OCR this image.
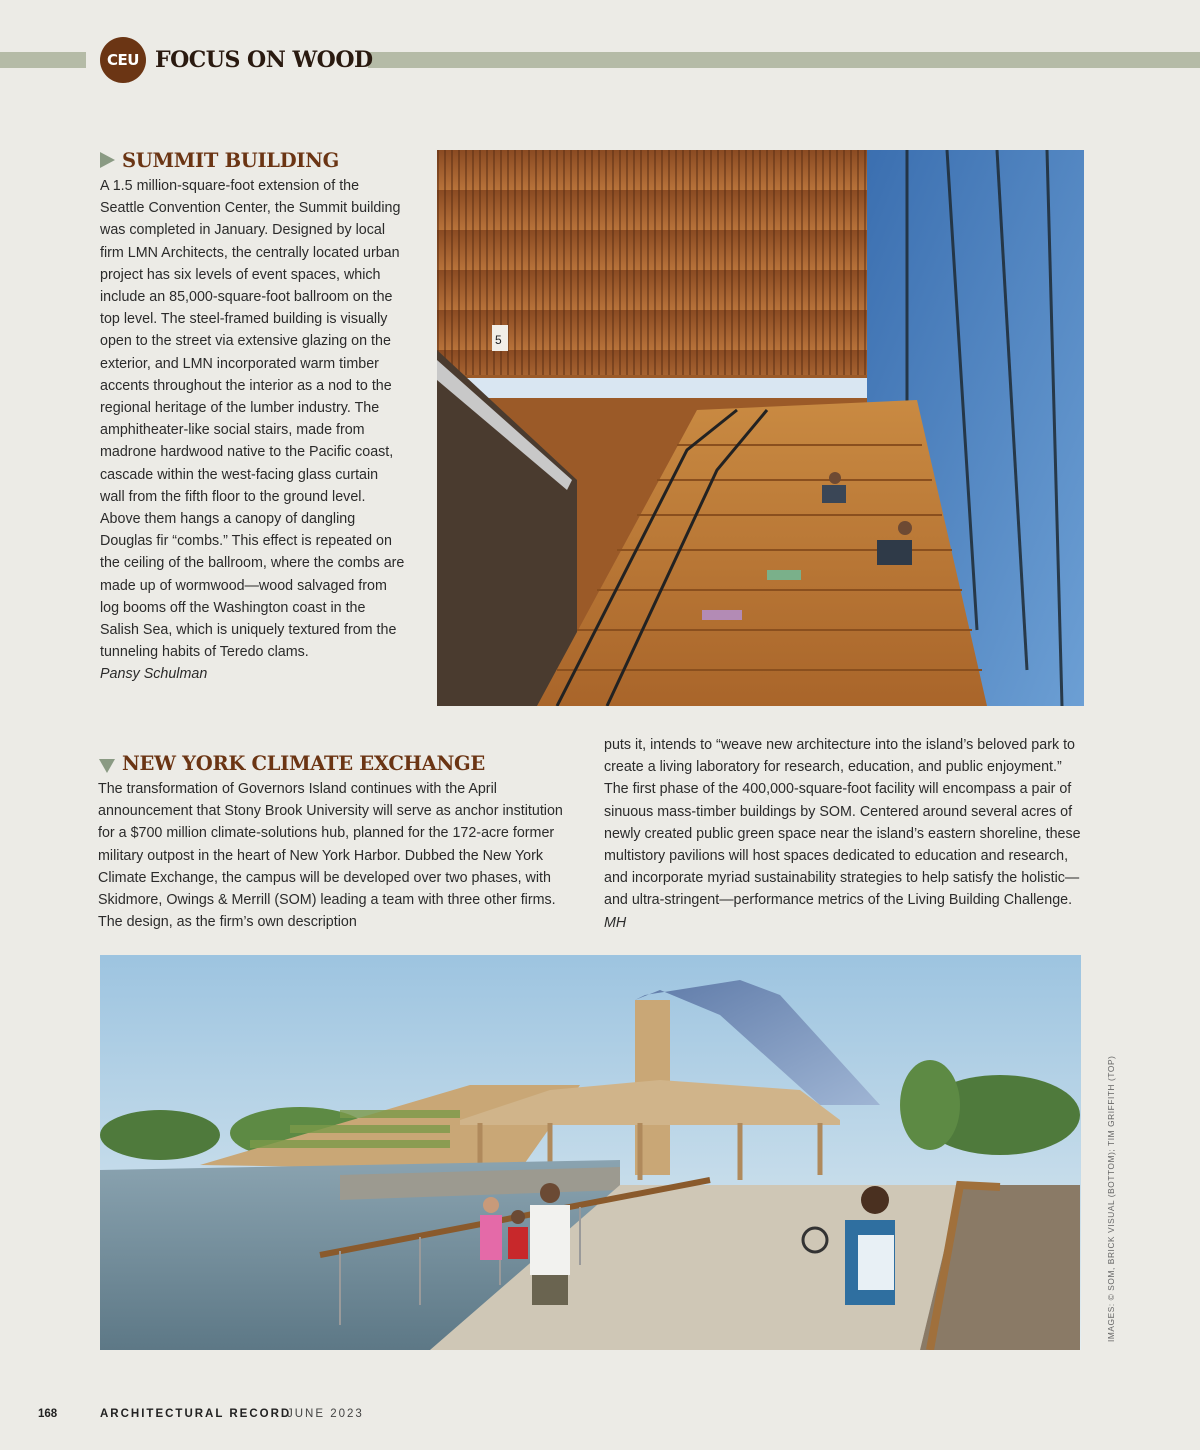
CEU FOCUS ON WOOD
SUMMIT BUILDING

A 1.5 million-square-foot extension of the Seattle Convention Center, the Summit building was completed in January. Designed by local firm LMN Architects, the centrally located urban project has six levels of event spaces, which include an 85,000-square-foot ballroom on the top level. The steel-framed building is visually open to the street via extensive glazing on the exterior, and LMN incorporated warm timber accents throughout the interior as a nod to the regional heritage of the lumber industry. The amphitheater-like social stairs, made from madrone hardwood native to the Pacific coast, cascade within the west-facing glass curtain wall from the fifth floor to the ground level. Above them hangs a canopy of dangling Douglas fir “combs.” This effect is repeated on the ceiling of the ballroom, where the combs are made up of wormwood—wood salvaged from log booms off the Washington coast in the Salish Sea, which is uniquely textured from the tunneling habits of Teredo clams.

Pansy Schulman

5
NEW YORK CLIMATE EXCHANGE

The transformation of Governors Island continues with the April announcement that Stony Brook University will serve as anchor institution for a $700 million climate-solutions hub, planned for the 172-acre former military outpost in the heart of New York Harbor. Dubbed the New York Climate Exchange, the campus will be developed over two phases, with Skidmore, Owings & Merrill (SOM) leading a team with three other firms. The design, as the firm’s own description

puts it, intends to “weave new architecture into the island’s beloved park to create a living laboratory for research, education, and public enjoyment.” The first phase of the 400,000-square-foot facility will encompass a pair of sinuous mass-timber buildings by SOM. Centered around several acres of newly created public green space near the island’s eastern shoreline, these multistory pavilions will host spaces dedicated to education and research, and incorporate myriad sustainability strategies to help satisfy the holistic—and ultra-stringent—performance metrics of the Living Building Challenge.  MH

IMAGES: © SOM, BRICK VISUAL (BOTTOM); TIM GRIFFITH (TOP)
168	ARCHITECTURAL RECORD
JUNE 2023
